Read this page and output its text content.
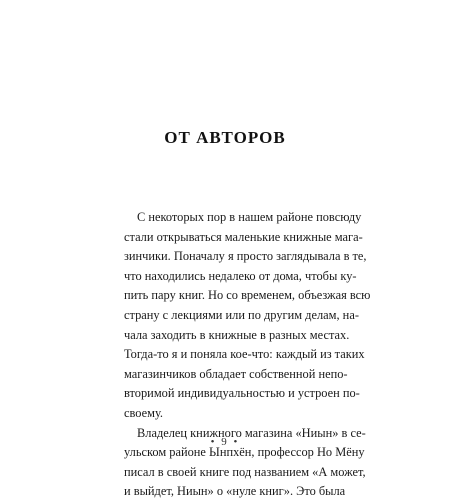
ОТ АВТОРОВ
С некоторых пор в нашем районе повсюду
стали открываться маленькие книжные мага-
зинчики. Поначалу я просто заглядывала в те,
что находились недалеко от дома, чтобы ку-
пить пару книг. Но со временем, объезжая всю
страну с лекциями или по другим делам, на-
чала заходить в книжные в разных местах.
Тогда-то я и поняла кое-что: каждый из таких
магазинчиков обладает собственной непо-
вторимой индивидуальностью и устроен по-
своему.
Владелец книжного магазина «Ниын» в се-
ульском районе Ынпхён, профессор Но Мёну
писал в своей книге под названием «А может,
и выйдет, Ниын» о «нуле книг». Это была
• 9 •
